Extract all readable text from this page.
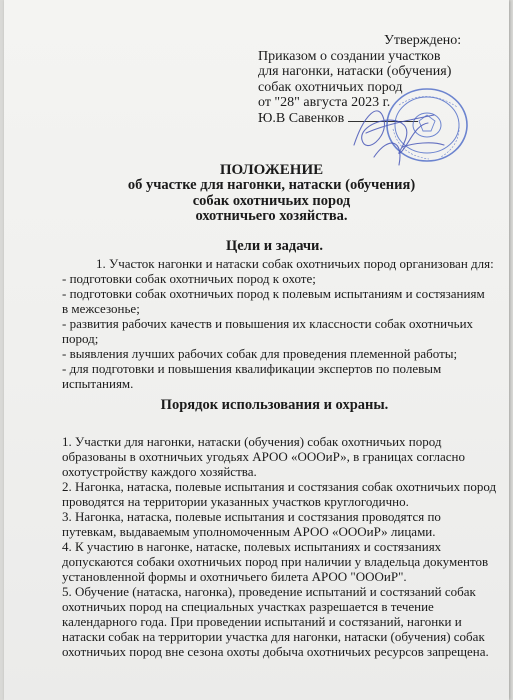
Утверждено:
Приказом о создании участков
для нагонки, натаски (обучения)
собак охотничьих пород
от "28" августа 2023 г.
Ю.В Савенков
ПОЛОЖЕНИЕ
об участке для нагонки, натаски (обучения)
собак охотничьих пород
охотничьего хозяйства.
Цели и задачи.

1. Участок нагонки и натаски собак охотничьих пород организован для:

- подготовки собак охотничьих пород к охоте;

- подготовки собак охотничьих пород к полевым испытаниям и состязаниям в межсезонье;

- развития рабочих качеств и повышения их классности собак охотничьих пород;

- выявления лучших рабочих собак для проведения племенной работы;

- для подготовки и повышения квалификации экспертов по полевым испытаниям.

Порядок использования и охраны.

1. Участки для нагонки, натаски (обучения) собак охотничьих пород образованы в охотничьих угодьях АРОО «ОООиР», в границах согласно охотустройству каждого хозяйства.

2. Нагонка, натаска, полевые испытания и состязания собак охотничьих пород проводятся на территории указанных участков круглогодично.

3. Нагонка, натаска, полевые испытания и состязания проводятся по путевкам, выдаваемым уполномоченным АРОО «ОООиР» лицами.

4. К участию в нагонке, натаске, полевых испытаниях и состязаниях допускаются собаки охотничьих пород при наличии у владельца документов установленной формы и охотничьего билета АРОО "ОООиР".

5. Обучение (натаска, нагонка), проведение испытаний и состязаний собак охотничьих пород на специальных участках разрешается в течение календарного года. При проведении испытаний и состязаний, нагонки и натаски собак на территории участка для нагонки, натаски (обучения) собак охотничьих пород вне сезона охоты добыча охотничьих ресурсов запрещена.
